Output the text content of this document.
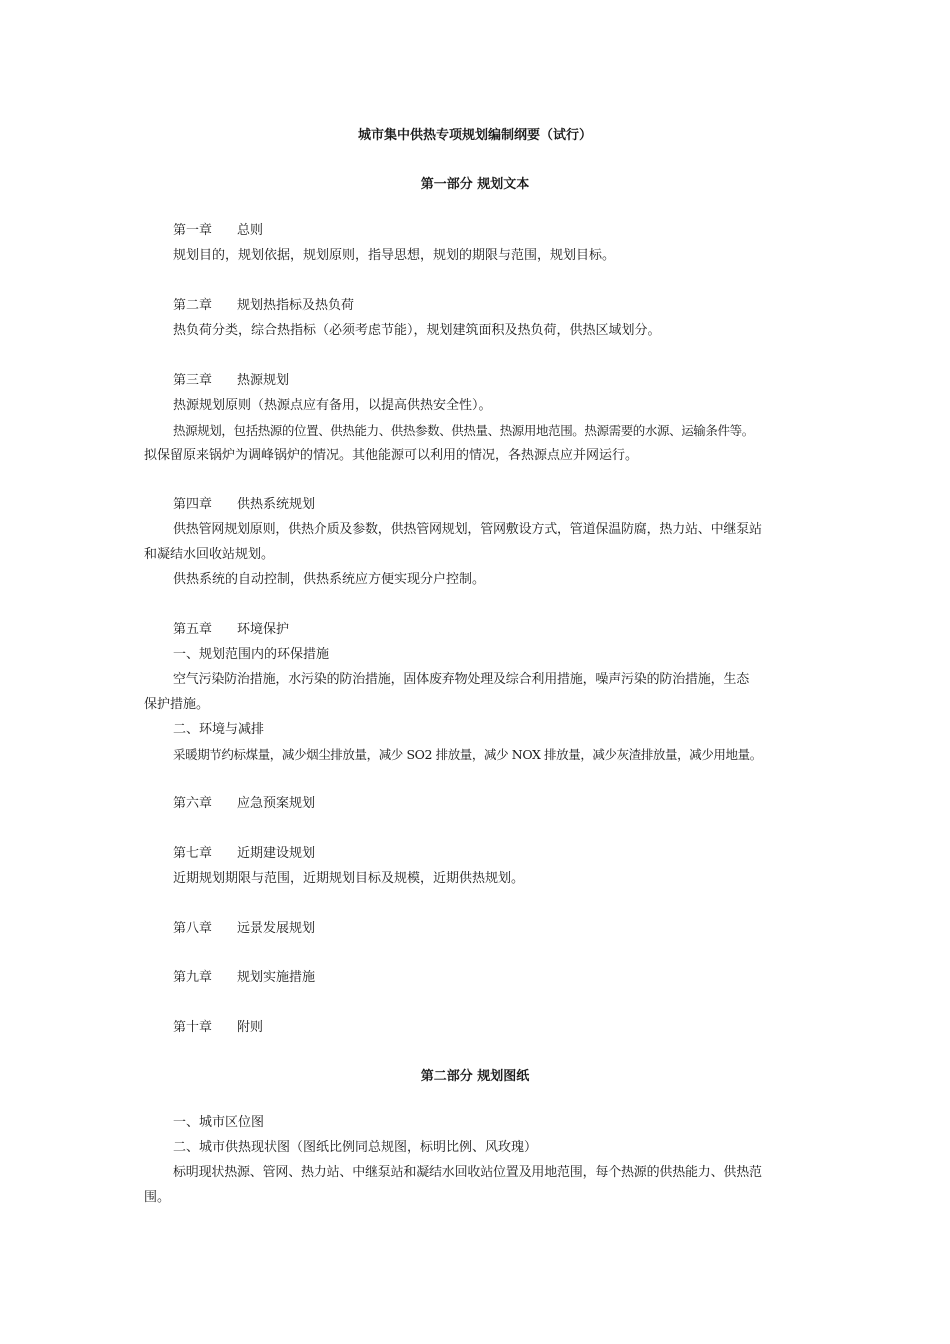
城市集中供热专项规划编制纲要（试行）
第一部分 规划文本
第一章 总则
规划目的，规划依据，规划原则，指导思想，规划的期限与范围，规划目标。
第二章 规划热指标及热负荷
热负荷分类，综合热指标（必须考虑节能），规划建筑面积及热负荷，供热区域划分。
第三章 热源规划
热源规划原则（热源点应有备用，以提高供热安全性）。
热源规划，包括热源的位置、供热能力、供热参数、供热量、热源用地范围。热源需要的水源、运输条件等。
拟保留原来锅炉为调峰锅炉的情况。其他能源可以利用的情况，各热源点应并网运行。
第四章 供热系统规划
供热管网规划原则，供热介质及参数，供热管网规划，管网敷设方式，管道保温防腐，热力站、中继泵站
和凝结水回收站规划。
供热系统的自动控制，供热系统应方便实现分户控制。
第五章 环境保护
一、规划范围内的环保措施
空气污染防治措施，水污染的防治措施，固体废弃物处理及综合利用措施，噪声污染的防治措施，生态
保护措施。
二、环境与减排
采暖期节约标煤量，减少烟尘排放量，减少 SO2 排放量，减少 NOX 排放量，减少灰渣排放量，减少用地量。
第六章 应急预案规划
第七章 近期建设规划
近期规划期限与范围，近期规划目标及规模，近期供热规划。
第八章 远景发展规划
第九章 规划实施措施
第十章 附则
第二部分 规划图纸
一、城市区位图
二、城市供热现状图（图纸比例同总规图，标明比例、风玫瑰）
标明现状热源、管网、热力站、中继泵站和凝结水回收站位置及用地范围，每个热源的供热能力、供热范
围。
